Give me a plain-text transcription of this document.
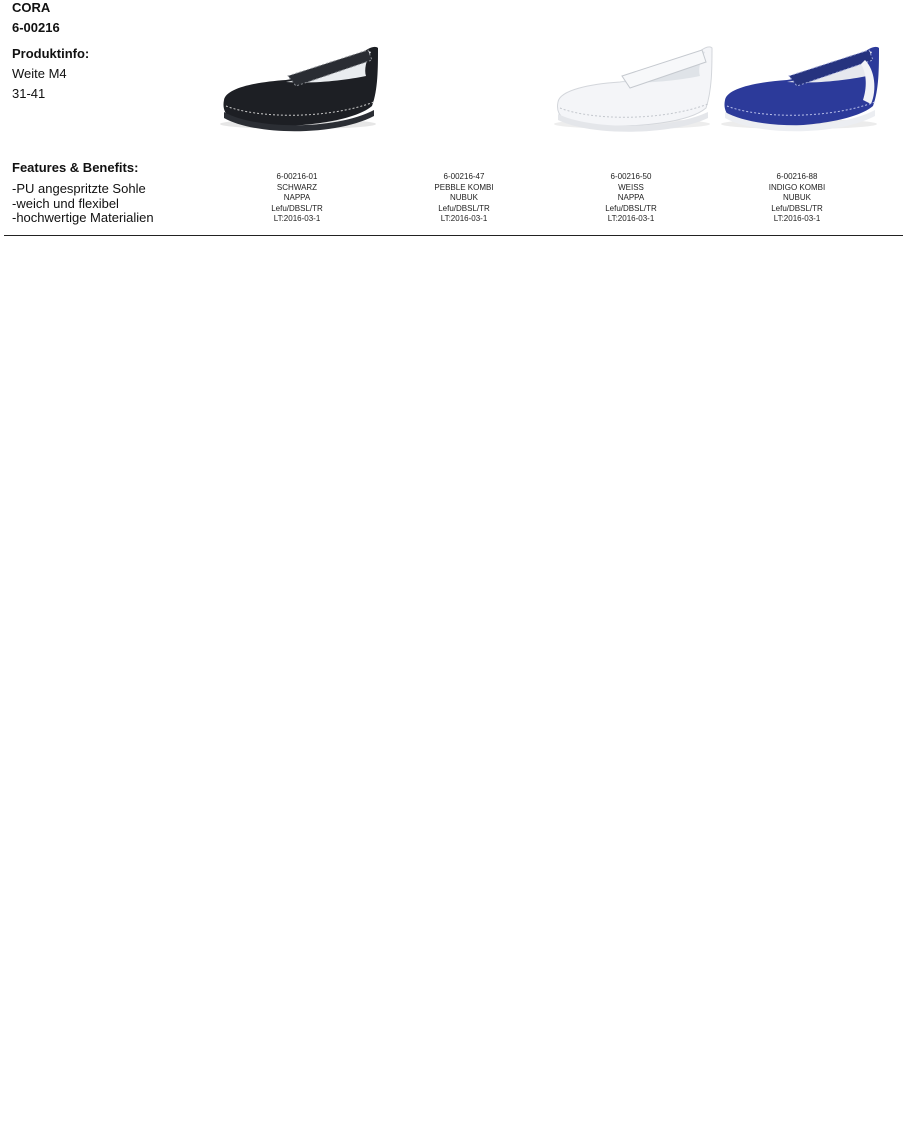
CORA

6-00216

Produktinfo:

Weite M4

31-41

Features & Benefits:

-PU angespritzte Sohle
-weich und flexibel
-hochwertige Materialien
6-00216-01
SCHWARZ
NAPPA
Lefu/DBSL/TR
LT:2016-03-1
6-00216-47
PEBBLE KOMBI
NUBUK
Lefu/DBSL/TR
LT:2016-03-1
6-00216-50
WEISS
NAPPA
Lefu/DBSL/TR
LT:2016-03-1
6-00216-88
INDIGO KOMBI
NUBUK
Lefu/DBSL/TR
LT:2016-03-1
